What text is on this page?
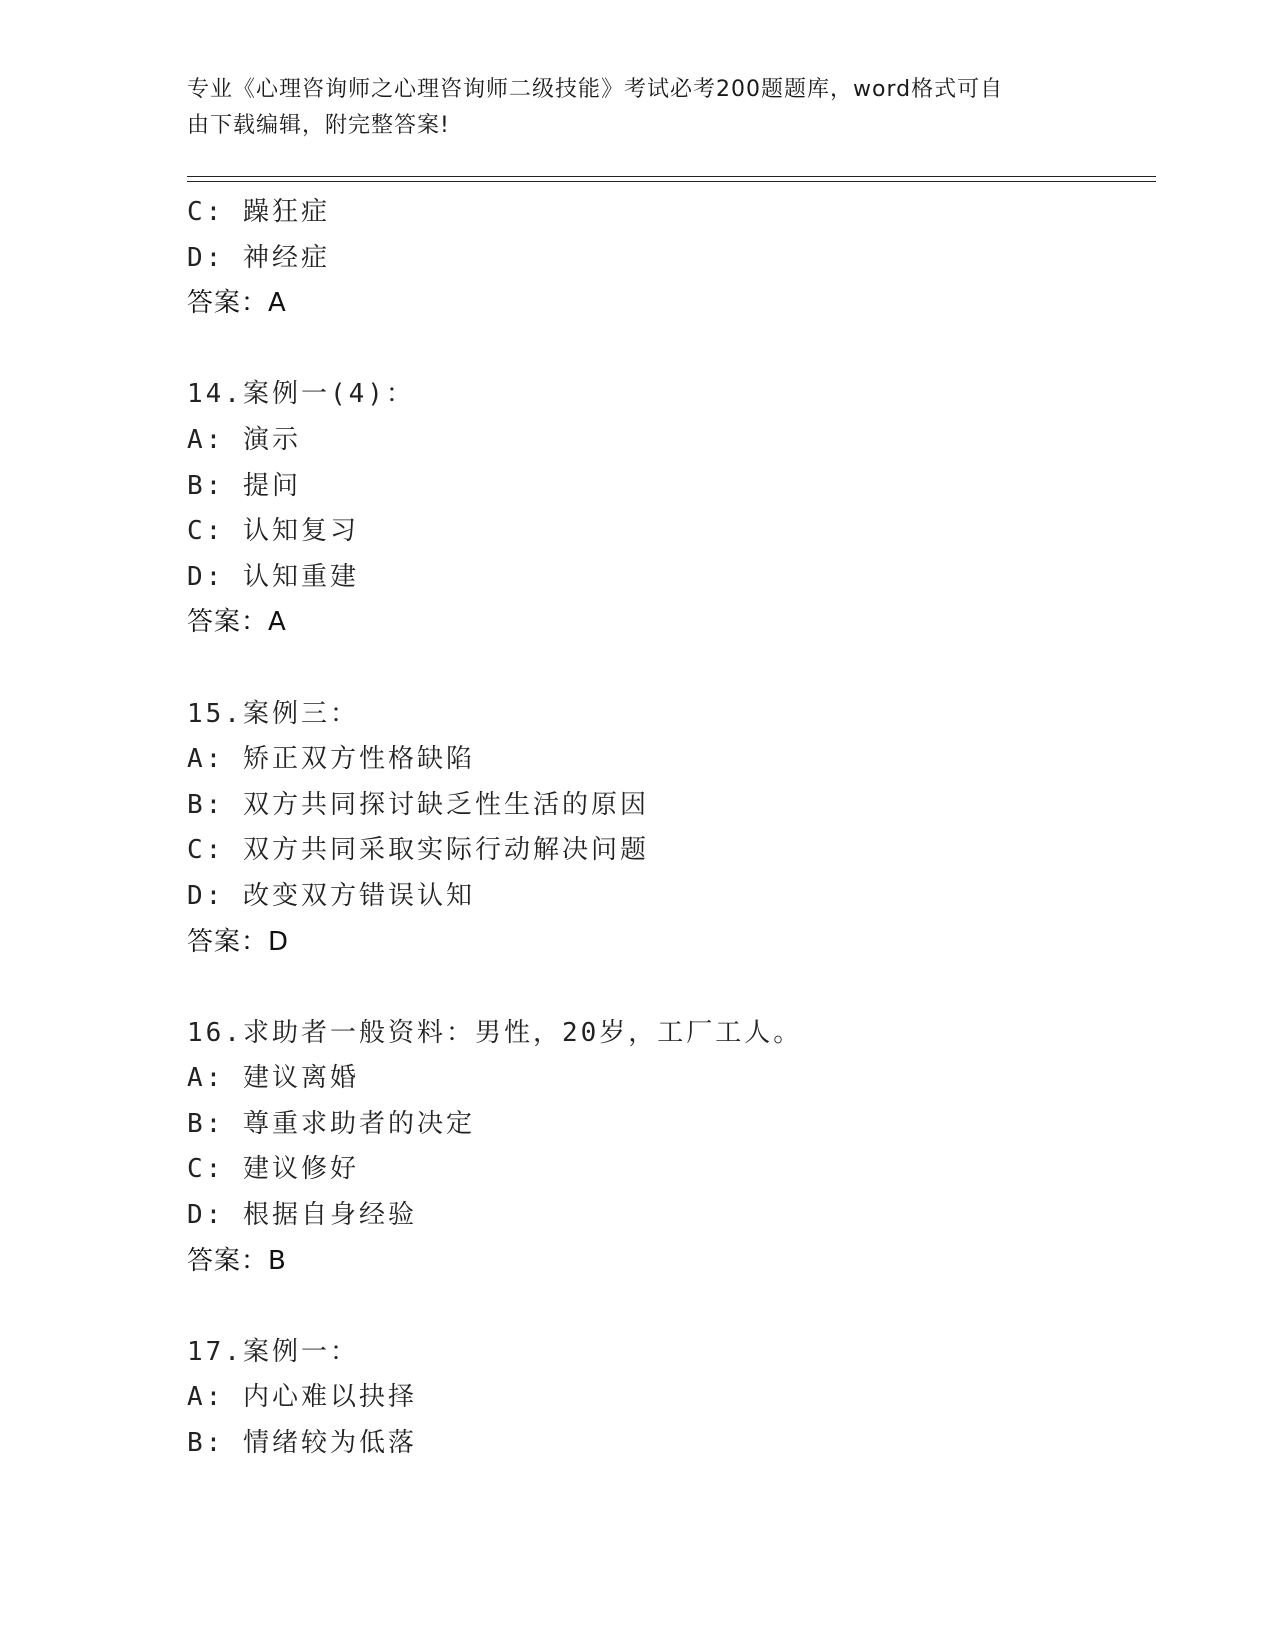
专业《心理咨询师之心理咨询师二级技能》考试必考200题题库，word格式可自
由下载编辑，附完整答案!
C: 躁狂症
D: 神经症
答案：A
14.案例一(4)：
A: 演示
B: 提问
C: 认知复习
D: 认知重建
答案：A
15.案例三：
A: 矫正双方性格缺陷
B: 双方共同探讨缺乏性生活的原因
C: 双方共同采取实际行动解决问题
D: 改变双方错误认知
答案：D
16.求助者一般资料：男性，20岁，工厂工人。
A: 建议离婚
B: 尊重求助者的决定
C: 建议修好
D: 根据自身经验
答案：B
17.案例一：
A: 内心难以抉择
B: 情绪较为低落
